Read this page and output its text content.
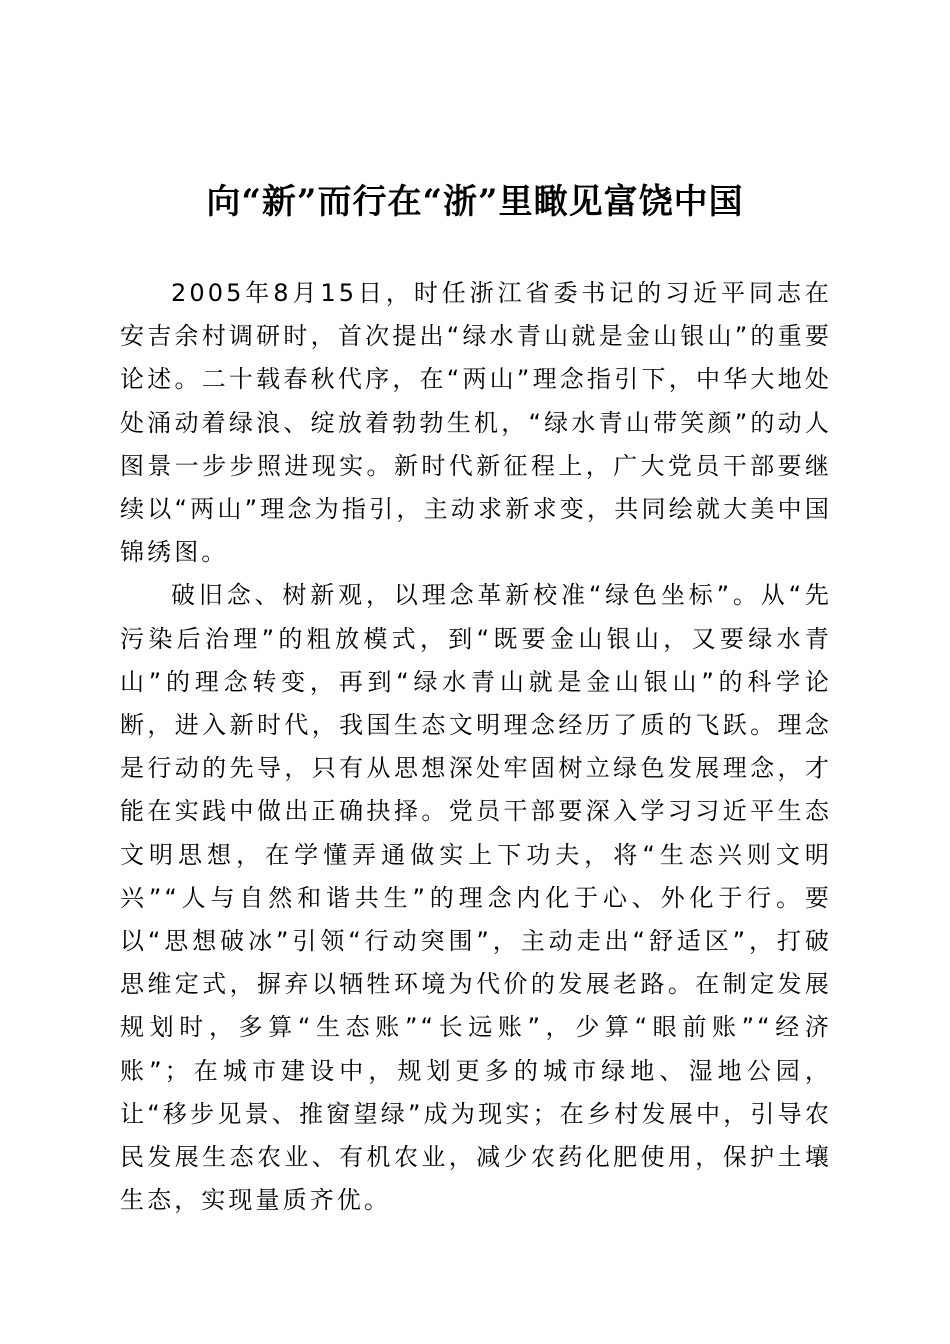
向“新”而行在“浙”里瞰见富饶中国

2005年8月15日，时任浙江省委书记的习近平同志在安吉余村调研时，首次提出“绿水青山就是金山银山”的重要论述。二十载春秋代序，在“两山”理念指引下，中华大地处处涌动着绿浪、绽放着勃勃生机，“绿水青山带笑颜”的动人图景一步步照进现实。新时代新征程上，广大党员干部要继续以“两山”理念为指引，主动求新求变，共同绘就大美中国锦绣图。

破旧念、树新观，以理念革新校准“绿色坐标”。从“先污染后治理”的粗放模式，到“既要金山银山，又要绿水青山”的理念转变，再到“绿水青山就是金山银山”的科学论断，进入新时代，我国生态文明理念经历了质的飞跃。理念是行动的先导，只有从思想深处牢固树立绿色发展理念，才能在实践中做出正确抉择。党员干部要深入学习习近平生态文明思想，在学懂弄通做实上下功夫，将“生态兴则文明兴”“人与自然和谐共生”的理念内化于心、外化于行。要以“思想破冰”引领“行动突围”，主动走出“舒适区”，打破思维定式，摒弃以牺牲环境为代价的发展老路。在制定发展规划时，多算“生态账”“长远账”，少算“眼前账”“经济账”；在城市建设中，规划更多的城市绿地、湿地公园，让“移步见景、推窗望绿”成为现实；在乡村发展中，引导农民发展生态农业、有机农业，减少农药化肥使用，保护土壤生态，实现量质齐优。
